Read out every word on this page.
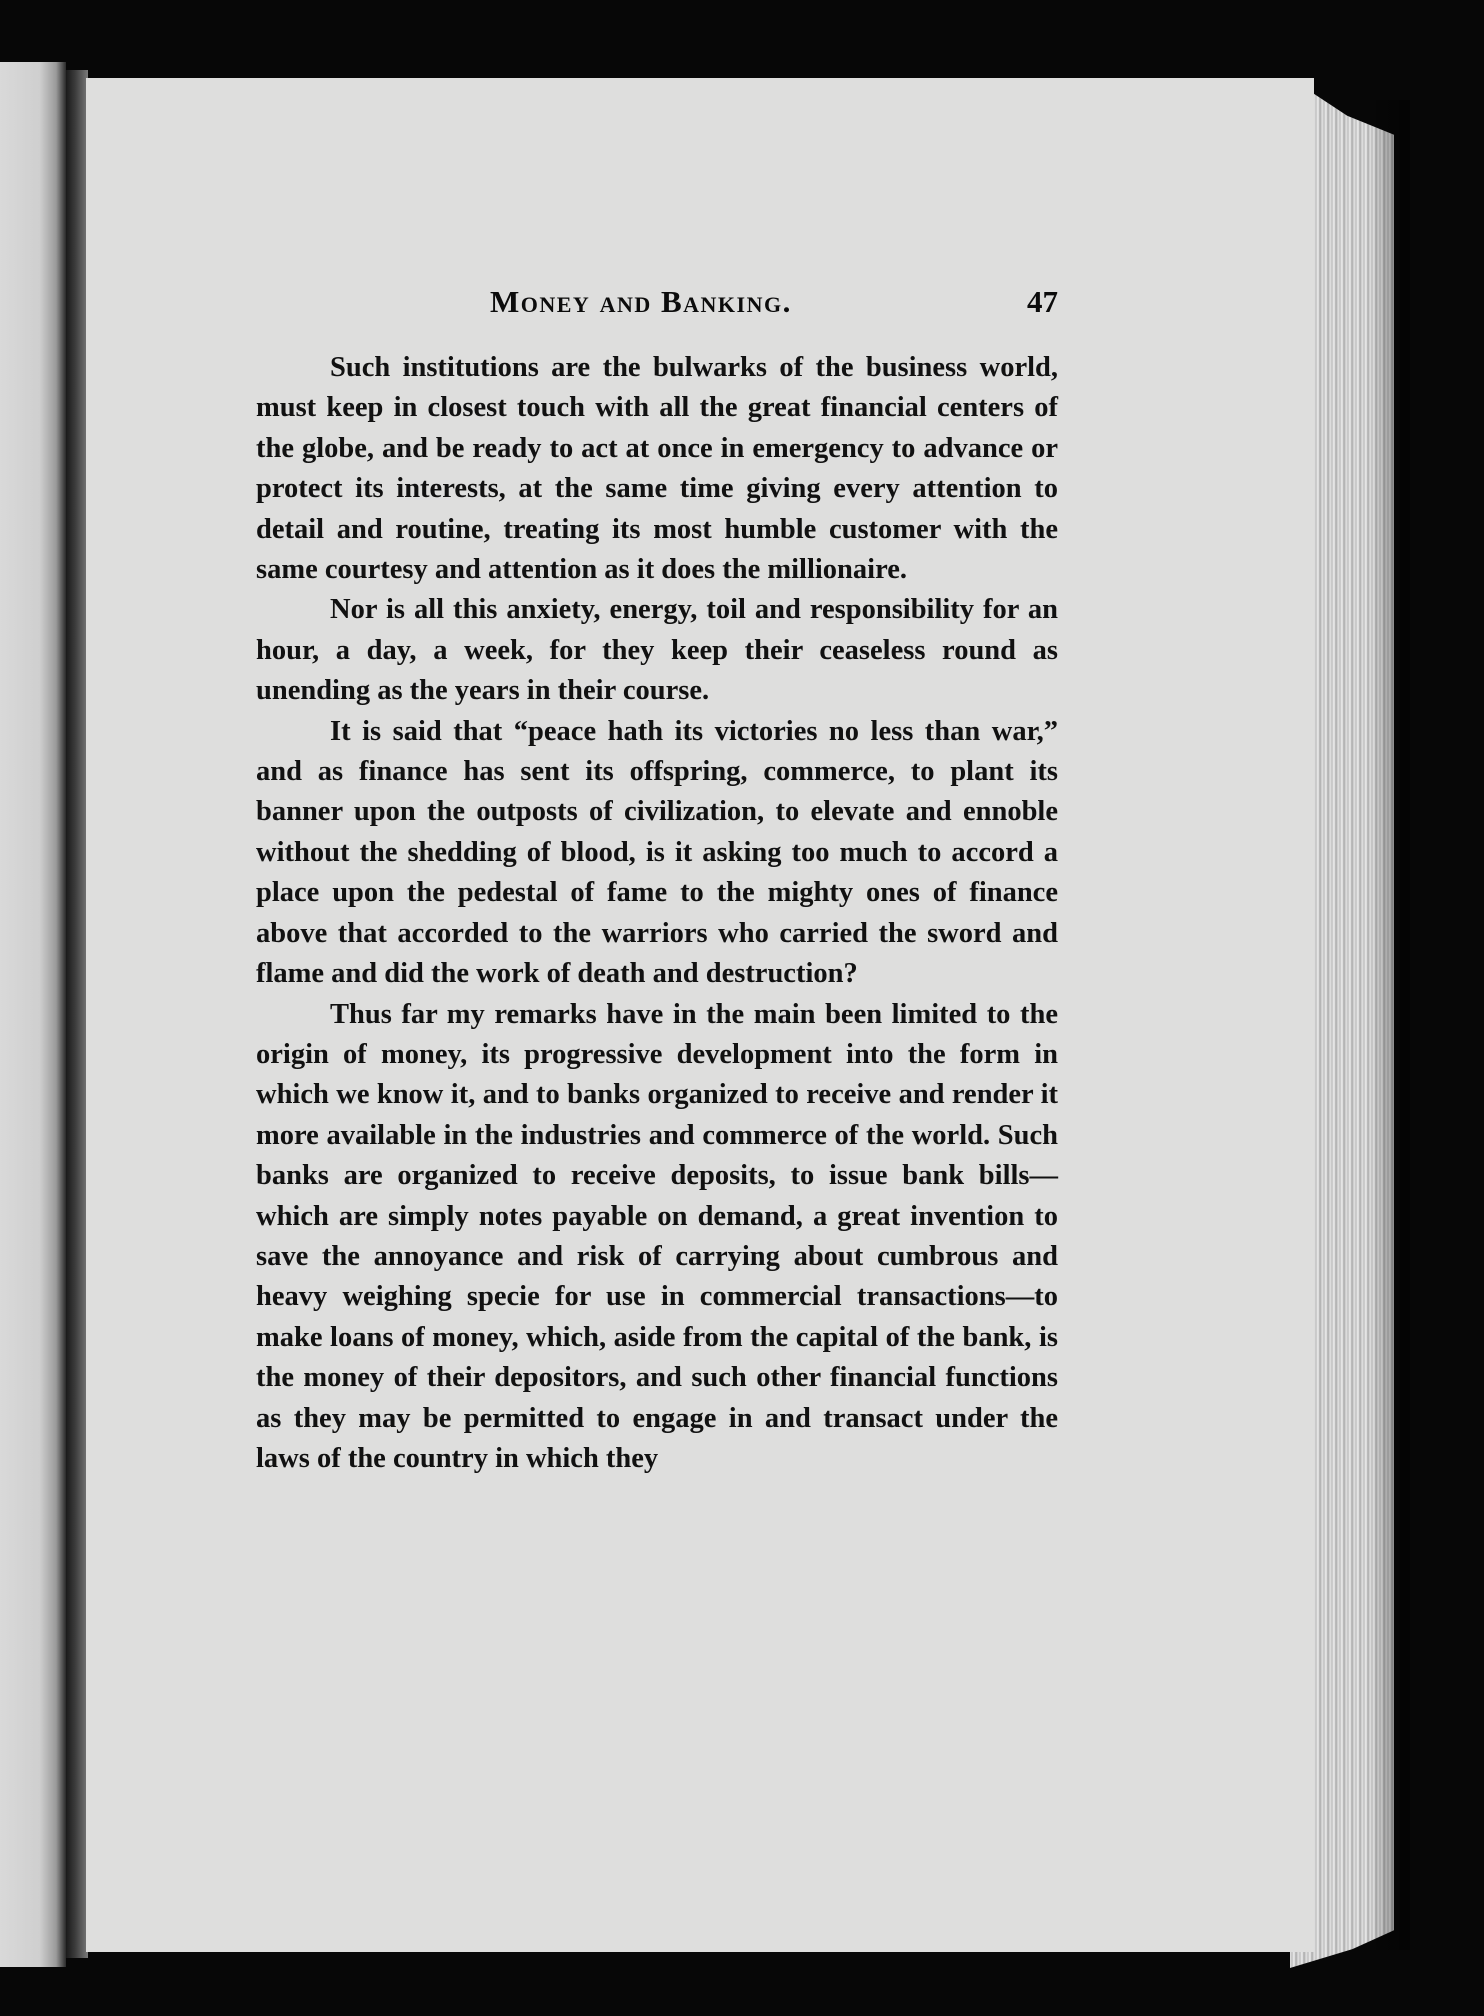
Money and Banking.	47

Such institutions are the bulwarks of the business world, must keep in closest touch with all the great financial centers of the globe, and be ready to act at once in emergency to advance or protect its interests, at the same time giving every attention to detail and routine, treating its most humble customer with the same courtesy and attention as it does the millionaire.

Nor is all this anxiety, energy, toil and responsibility for an hour, a day, a week, for they keep their ceaseless round as unending as the years in their course.

It is said that “peace hath its victories no less than war,” and as finance has sent its offspring, commerce, to plant its banner upon the outposts of civilization, to elevate and ennoble without the shedding of blood, is it asking too much to accord a place upon the pedestal of fame to the mighty ones of finance above that accorded to the warriors who carried the sword and flame and did the work of death and destruction?

Thus far my remarks have in the main been limited to the origin of money, its progressive development into the form in which we know it, and to banks organized to receive and render it more available in the industries and commerce of the world. Such banks are organized to receive deposits, to issue bank bills—which are simply notes payable on demand, a great invention to save the annoyance and risk of carrying about cumbrous and heavy weighing specie for use in commercial transactions—to make loans of money, which, aside from the capital of the bank, is the money of their depositors, and such other financial functions as they may be permitted to engage in and transact under the laws of the country in which they
